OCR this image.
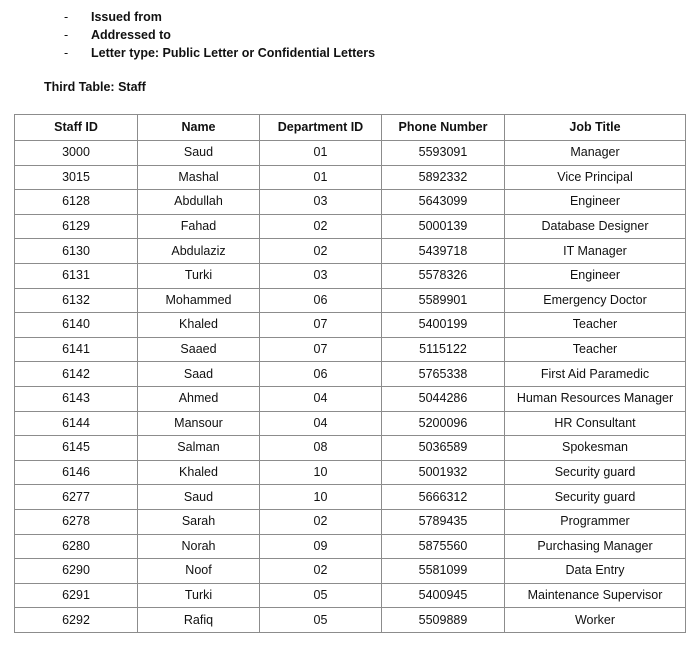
-	Issued from
-	Addressed to
-	Letter type: Public Letter or Confidential Letters
Third Table: Staff
Staff ID	Name	Department ID	Phone Number	Job Title
3000	Saud	01	5593091	Manager
3015	Mashal	01	5892332	Vice Principal
6128	Abdullah	03	5643099	Engineer
6129	Fahad	02	5000139	Database Designer
6130	Abdulaziz	02	5439718	IT Manager
6131	Turki	03	5578326	Engineer
6132	Mohammed	06	5589901	Emergency Doctor
6140	Khaled	07	5400199	Teacher
6141	Saaed	07	5115122	Teacher
6142	Saad	06	5765338	First Aid Paramedic
6143	Ahmed	04	5044286	Human Resources Manager
6144	Mansour	04	5200096	HR Consultant
6145	Salman	08	5036589	Spokesman
6146	Khaled	10	5001932	Security guard
6277	Saud	10	5666312	Security guard
6278	Sarah	02	5789435	Programmer
6280	Norah	09	5875560	Purchasing Manager
6290	Noof	02	5581099	Data Entry
6291	Turki	05	5400945	Maintenance Supervisor
6292	Rafiq	05	5509889	Worker
